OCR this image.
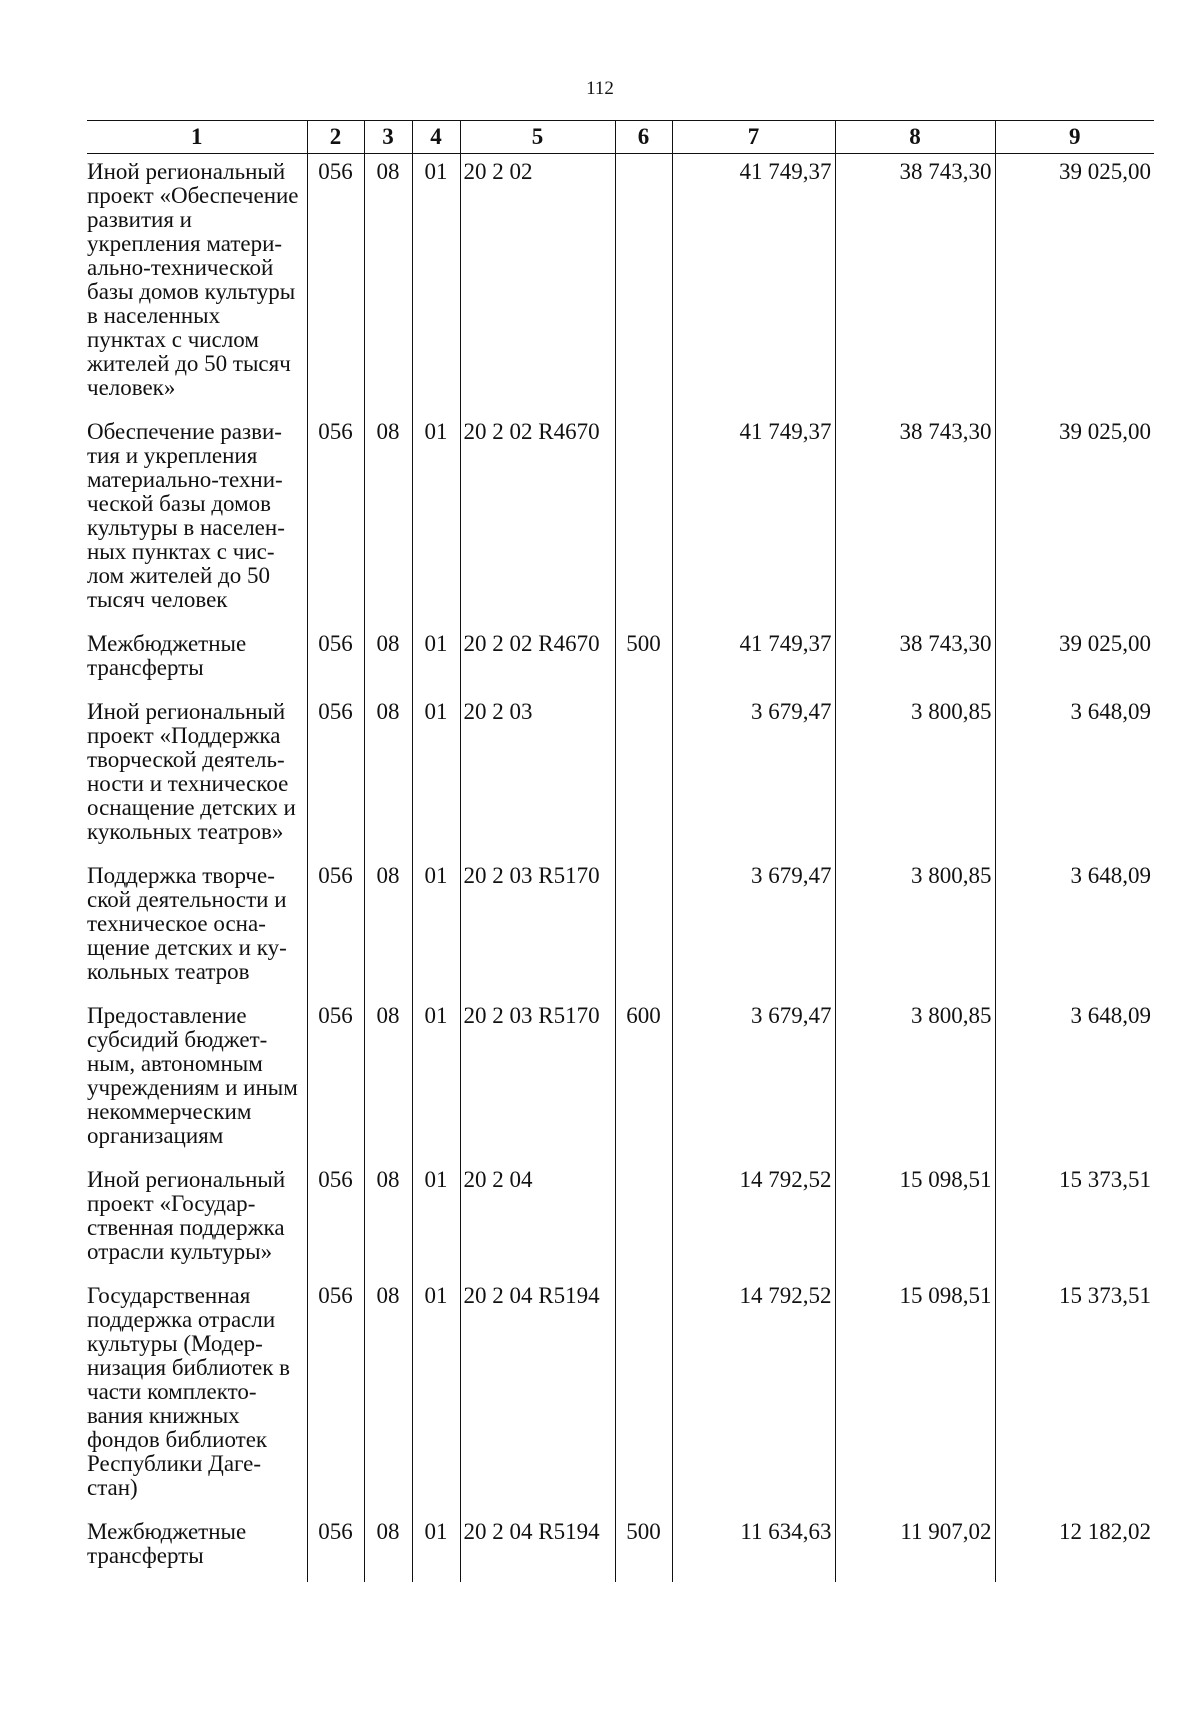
112
1	2	3	4	5	6	7	8	9
Иной региональный проект «Обеспечение развития и укрепления материально-технической базы домов культуры в населенных пунктах с числом жителей до 50 тысяч человек»	056	08	01	20 2 02		41 749,37	38 743,30	39 025,00
Обеспечение развития и укрепления материально-технической базы домов культуры в населенных пунктах с числом жителей до 50 тысяч человек	056	08	01	20 2 02 R4670		41 749,37	38 743,30	39 025,00
Межбюджетные трансферты	056	08	01	20 2 02 R4670	500	41 749,37	38 743,30	39 025,00
Иной региональный проект «Поддержка творческой деятельности и техническое оснащение детских и кукольных театров»	056	08	01	20 2 03		3 679,47	3 800,85	3 648,09
Поддержка творческой деятельности и техническое оснащение детских и кукольных театров	056	08	01	20 2 03 R5170		3 679,47	3 800,85	3 648,09
Предоставление субсидий бюджетным, автономным учреждениям и иным некоммерческим организациям	056	08	01	20 2 03 R5170	600	3 679,47	3 800,85	3 648,09
Иной региональный проект «Государственная поддержка отрасли культуры»	056	08	01	20 2 04		14 792,52	15 098,51	15 373,51
Государственная поддержка отрасли культуры (Модернизация библиотек в части комплектования книжных фондов библиотек Республики Дагестан)	056	08	01	20 2 04 R5194		14 792,52	15 098,51	15 373,51
Межбюджетные трансферты	056	08	01	20 2 04 R5194	500	11 634,63	11 907,02	12 182,02
